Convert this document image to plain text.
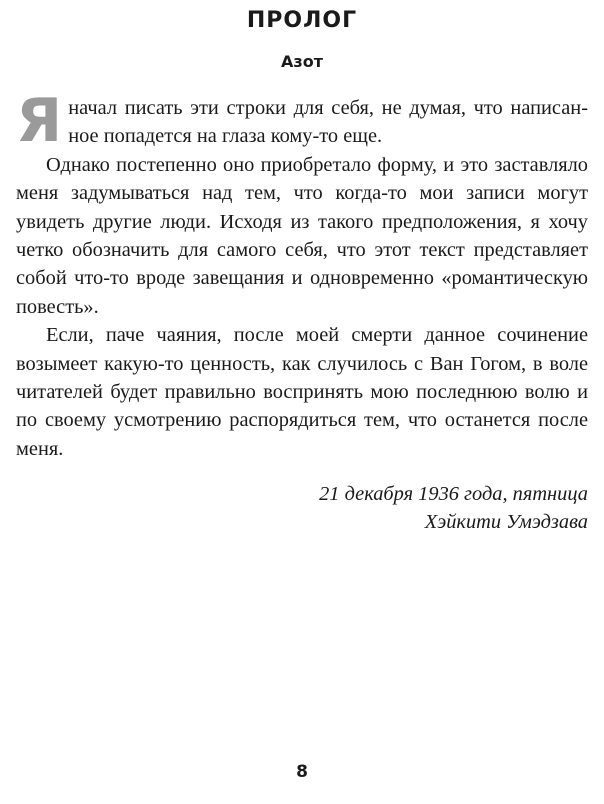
ПРОЛОГ
Азот

Яначал писать эти строки для себя, не думая, что написанное попадется на глаза кому-то еще.

Однако постепенно оно приобретало форму, и это заставляло меня задумываться над тем, что когда-то мои записи могут увидеть другие люди. Исходя из такого предположения, я хочу четко обозначить для самого себя, что этот текст представляет собой что-то вроде завещания и одновременно «романтическую повесть».

Если, паче чаяния, после моей смерти данное сочинение возымеет какую-то ценность, как случилось с Ван Гогом, в воле читателей будет правильно воспринять мою последнюю волю и по своему усмотрению распорядиться тем, что останется после меня.

21 декабря 1936 года, пятница
Хэйкити Умэдзава
8
